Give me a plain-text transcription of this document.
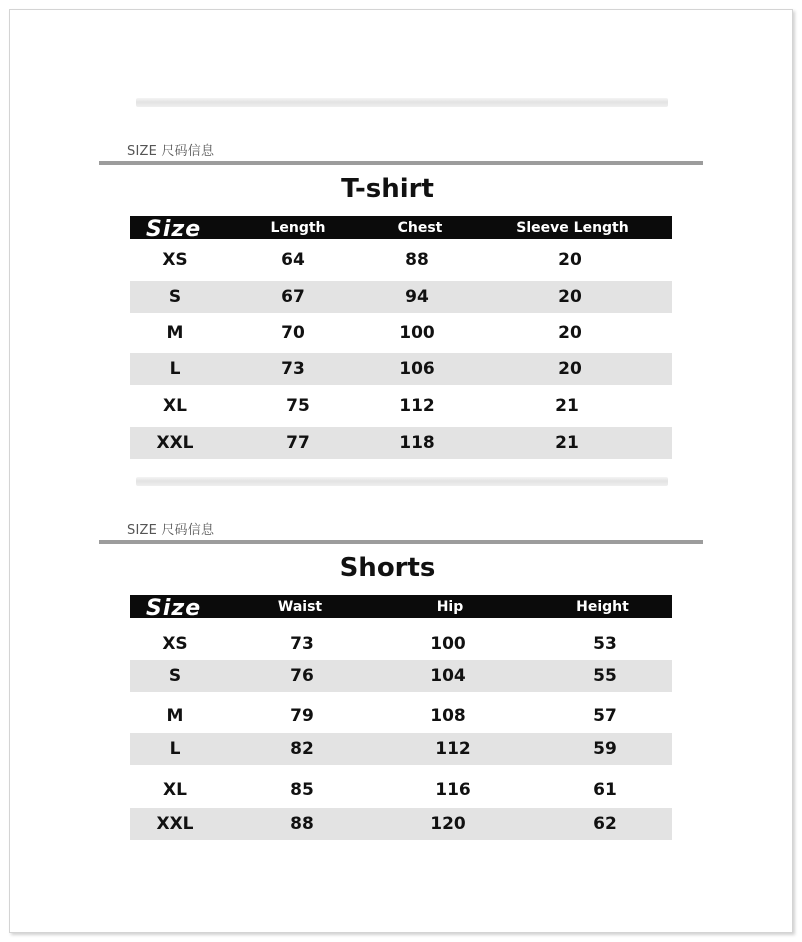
SIZE 尺码信息
T-shirt
Size	Length	Chest	Sleeve Length
XS	64	88	20
S	67	94	20
M	70	100	20
L	73	106	20
XL	75	112	21
XXL	77	118	21
SIZE 尺码信息
Shorts
Size	Waist	Hip	Height
XS	73	100	53
S	76	104	55
M	79	108	57
L	82	112	59
XL	85	116	61
XXL	88	120	62
